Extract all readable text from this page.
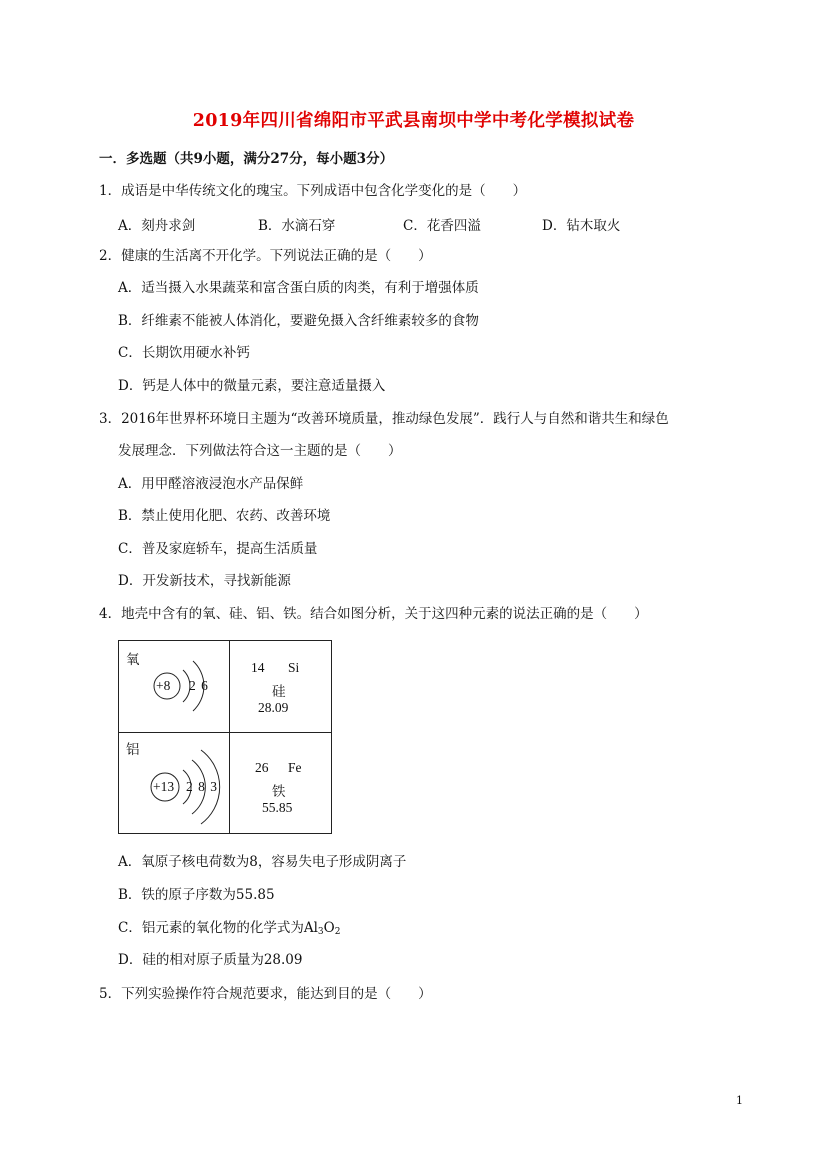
2019年四川省绵阳市平武县南坝中学中考化学模拟试卷
一．多选题（共9小题，满分27分，每小题3分）
1．成语是中华传统文化的瑰宝。下列成语中包含化学变化的是（　　）
A．刻舟求剑	B．水滴石穿	C．花香四溢	D．钻木取火
2．健康的生活离不开化学。下列说法正确的是（　　）
A．适当摄入水果蔬菜和富含蛋白质的肉类，有利于增强体质
B．纤维素不能被人体消化，要避免摄入含纤维素较多的食物
C．长期饮用硬水补钙
D．钙是人体中的微量元素，要注意适量摄入
3．2016年世界杯环境日主题为“改善环境质量，推动绿色发展”．践行人与自然和谐共生和绿色
发展理念．下列做法符合这一主题的是（　　）
A．用甲醛溶液浸泡水产品保鲜
B．禁止使用化肥、农药、改善环境
C．普及家庭轿车，提高生活质量
D．开发新技术，寻找新能源
4．地壳中含有的氧、硅、铝、铁。结合如图分析，关于这四种元素的说法正确的是（　　）
氧
+8 2 6
14 Si
硅
28.09
铝
+13 2 8 3
26 Fe
铁
55.85
A．氧原子核电荷数为8，容易失电子形成阴离子
B．铁的原子序数为55.85
C．铝元素的氧化物的化学式为$Al_3O_2$
D．硅的相对原子质量为28.09
5．下列实验操作符合规范要求，能达到目的是（　　）
1
